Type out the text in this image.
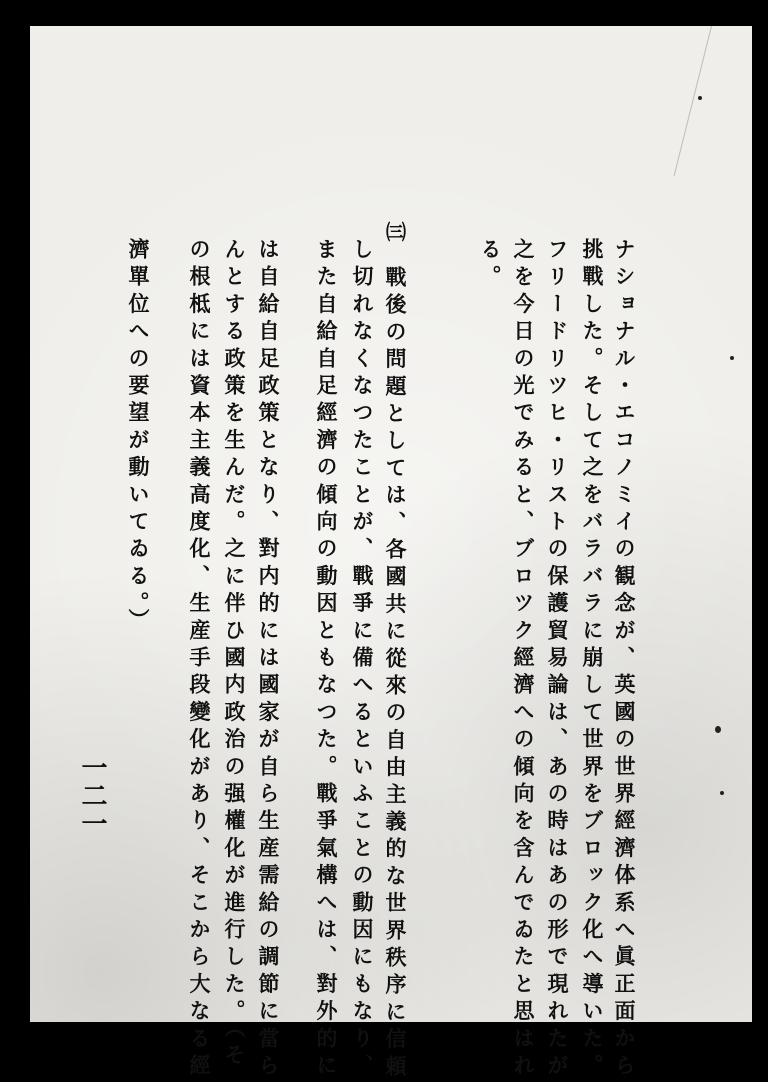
ナショナル・エコノミイの観念が、英國の世界經濟体系へ眞正面から
挑戰した。そして之をバラバラに崩して世界をブロック化へ導いた。
フリードリツヒ・リストの保護貿易論は、あの時はあの形で現れたが
之を今日の光でみると、ブロツク經濟への傾向を含んでゐたと思はれ
る。
㈢
戰後の問題としては、各國共に從來の自由主義的な世界秩序に信頼
し切れなくなつたことが、戰爭に備へるといふことの動因にもなり、
また自給自足經濟の傾向の動因ともなつた。戰爭氣構へは、對外的に
は自給自足政策となり、對内的には國家が自ら生産需給の調節に當ら
んとする政策を生んだ。之に伴ひ國内政治の强權化が進行した。（そ
の根柢には資本主義高度化、生産手段變化があり、そこから大なる經
濟單位への要望が動いてゐる。）
一二一
